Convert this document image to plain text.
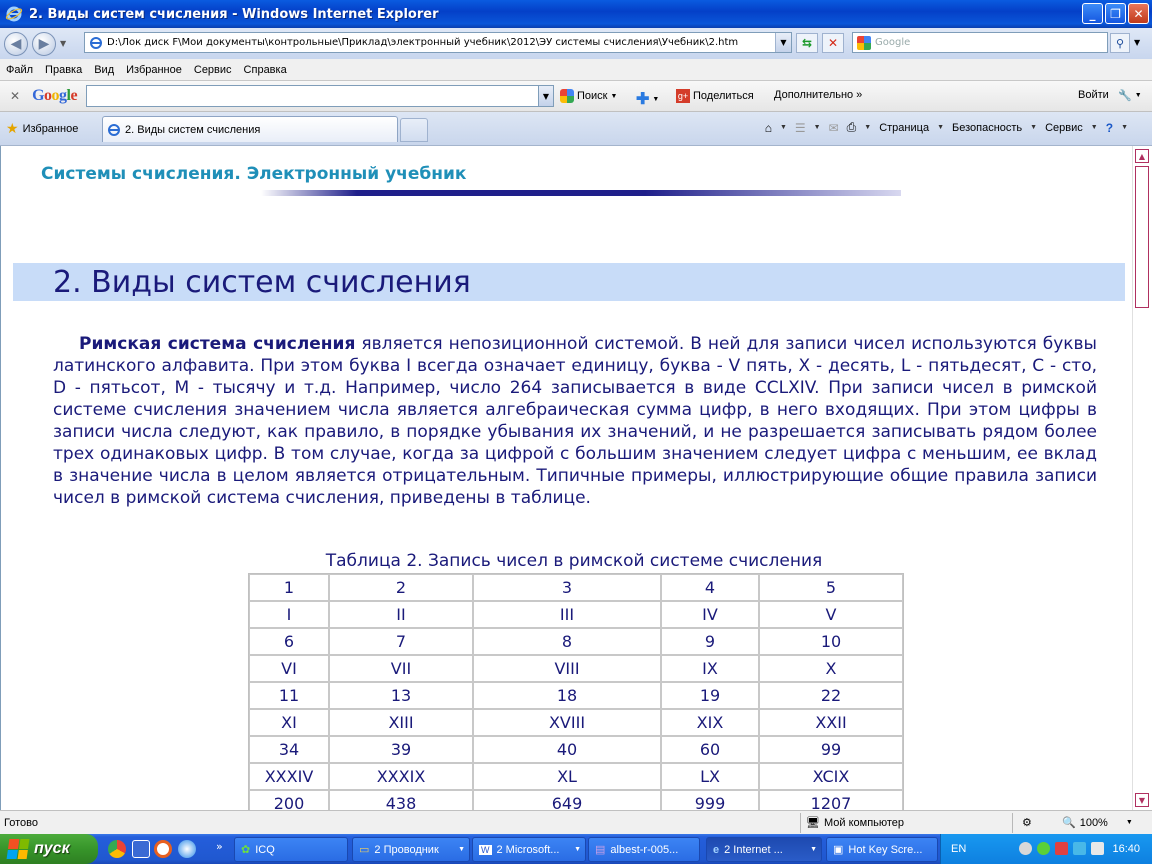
2. Виды систем счисления - Windows Internet Explorer	_	❐	✕
◀	▶	▼	D:\Лок диск F\Мои документы\контрольные\Приклад\электронный учебник\2012\ЭУ системы счисления\Учебник\2.htm	▼	⇆	✕	Google	⚲	▼
Файл Правка Вид Избранное Сервис Справка
✕ Google	▼	Поиск ▼ ✚ ▼ g+ Поделиться Дополнительно »	Войти 🔧 ▼
★ Избранное	2. Виды систем счисления	⌂ ▼ ☰ ▼ ✉ ⎙ ▼ Страница ▼ Безопасность ▼ Сервис ▼ ? ▼
Системы счисления. Электронный учебник
2. Виды систем счисления
Римская система счисления является непозиционной системой. В ней для записи чисел используются буквы латинского алфавита. При этом буква I всегда означает единицу, буква - V пять, X - десять, L - пятьдесят, C - сто, D - пятьсот, M - тысячу и т.д. Например, число 264 записывается в виде CCLXIV. При записи чисел в римской системе счисления значением числа является алгебраическая сумма цифр, в него входящих. При этом цифры в записи числа следуют, как правило, в порядке убывания их значений, и не разрешается записывать рядом более трех одинаковых цифр. В том случае, когда за цифрой с большим значением следует цифра с меньшим, ее вклад в значение числа в целом является отрицательным. Типичные примеры, иллюстрирующие общие правила записи чисел в римской система счисления, приведены в таблице.
Таблица 2. Запись чисел в римской системе счисления
1	2	3	4	5
I	II	III	IV	V
6	7	8	9	10
VI	VII	VIII	IX	X
11	13	18	19	22
XI	XIII	XVIII	XIX	XXII
34	39	40	60	99
XXXIV	XXXIX	XL	LX	XCIX
200	438	649	999	1207
▲
▼
Готово	🖥 Мой компьютер	⚙	🔍 100%	▼
пуск	» ✿ ICQ	▭ 2 Проводник	▼ W 2 Microsoft... ▼ ▤ albest-r-005...	e 2 Internet ...	▼ ▣ Hot Key Scre...	EN	16:40
